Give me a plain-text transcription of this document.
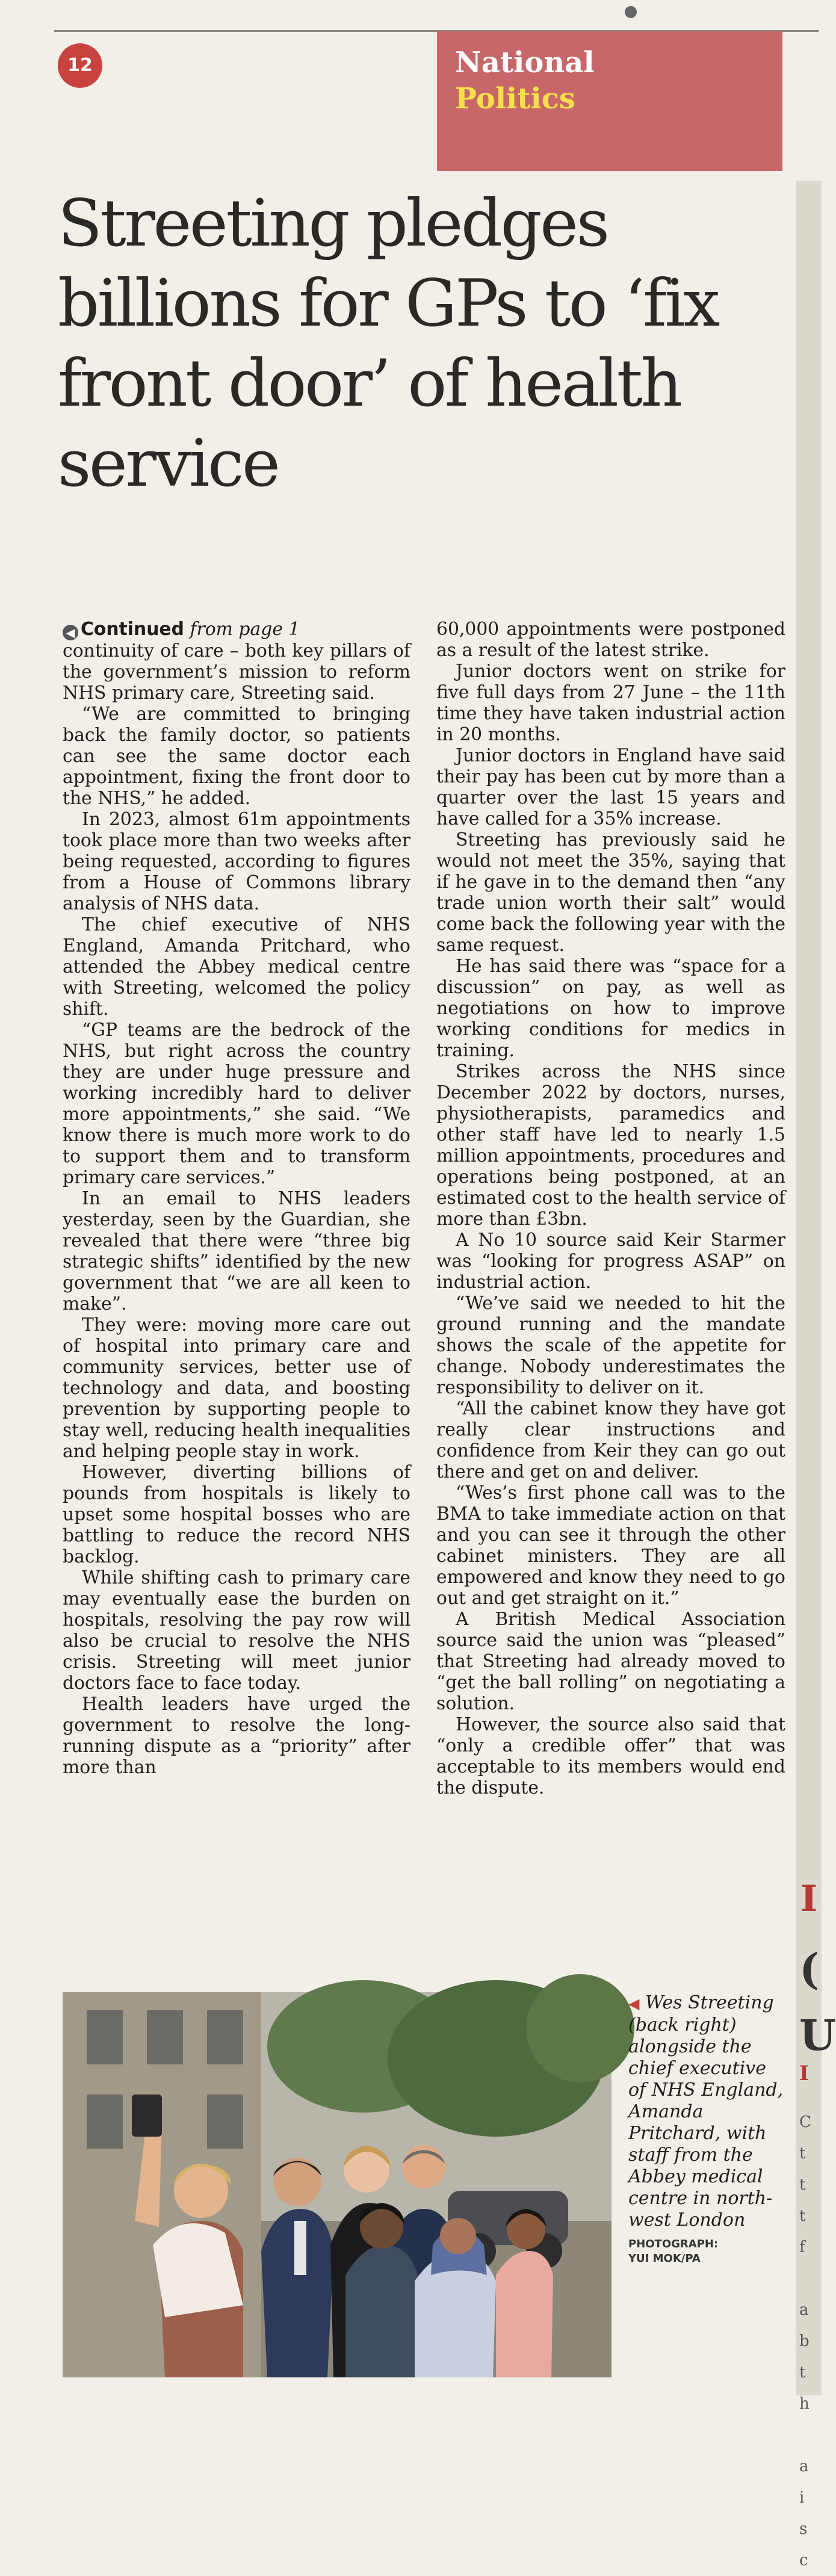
12	National
Politics
I
(
U
I
C
t
t
t
f

a
b
t
h

a
i
s
c
Streeting pledges billions for GPs to ‘fix front door’ of health service
◀ Continued from page 1

continuity of care – both key pillars of the government’s mission to reform NHS primary care, Streeting said.

“We are committed to bringing back the family doctor, so patients can see the same doctor each appointment, fixing the front door to the NHS,” he added.

In 2023, almost 61m appointments took place more than two weeks after being requested, according to figures from a House of Commons library analysis of NHS data.

The chief executive of NHS England, Amanda Pritchard, who attended the Abbey medical centre with Streeting, welcomed the policy shift.

“GP teams are the bedrock of the NHS, but right across the country they are under huge pressure and working incredibly hard to deliver more appointments,” she said. “We know there is much more work to do to support them and to transform primary care services.”

In an email to NHS leaders yesterday, seen by the Guardian, she revealed that there were “three big strategic shifts” identified by the new government that “we are all keen to make”.

They were: moving more care out of hospital into primary care and community services, better use of technology and data, and boosting prevention by supporting people to stay well, reducing health inequalities and helping people stay in work.

However, diverting billions of pounds from hospitals is likely to upset some hospital bosses who are battling to reduce the record NHS backlog.

While shifting cash to primary care may eventually ease the burden on hospitals, resolving the pay row will also be crucial to resolve the NHS crisis. Streeting will meet junior doctors face to face today.

Health leaders have urged the government to resolve the long-running dispute as a “priority” after more than

60,000 appointments were postponed as a result of the latest strike.

Junior doctors went on strike for five full days from 27 June – the 11th time they have taken industrial action in 20 months.

Junior doctors in England have said their pay has been cut by more than a quarter over the last 15 years and have called for a 35% increase.

Streeting has previously said he would not meet the 35%, saying that if he gave in to the demand then “any trade union worth their salt” would come back the following year with the same request.

He has said there was “space for a discussion” on pay, as well as negotiations on how to improve working conditions for medics in training.

Strikes across the NHS since December 2022 by doctors, nurses, physiotherapists, paramedics and other staff have led to nearly 1.5 million appointments, procedures and operations being postponed, at an estimated cost to the health service of more than £3bn.

A No 10 source said Keir Starmer was “looking for progress ASAP” on industrial action.

“We’ve said we needed to hit the ground running and the mandate shows the scale of the appetite for change. Nobody underestimates the responsibility to deliver on it.

“All the cabinet know they have got really clear instructions and confidence from Keir they can go out there and get on and deliver.

“Wes’s first phone call was to the BMA to take immediate action on that and you can see it through the other cabinet ministers. They are all empowered and know they need to go out and get straight on it.”

A British Medical Association source said the union was “pleased” that Streeting had already moved to “get the ball rolling” on negotiating a solution.

However, the source also said that “only a credible offer” that was acceptable to its members would end the dispute.

◀ Wes Streeting (back right) alongside the chief executive of NHS England, Amanda Pritchard, with staff from the Abbey medical centre in north-west London
PHOTOGRAPH:
YUI MOK/PA
